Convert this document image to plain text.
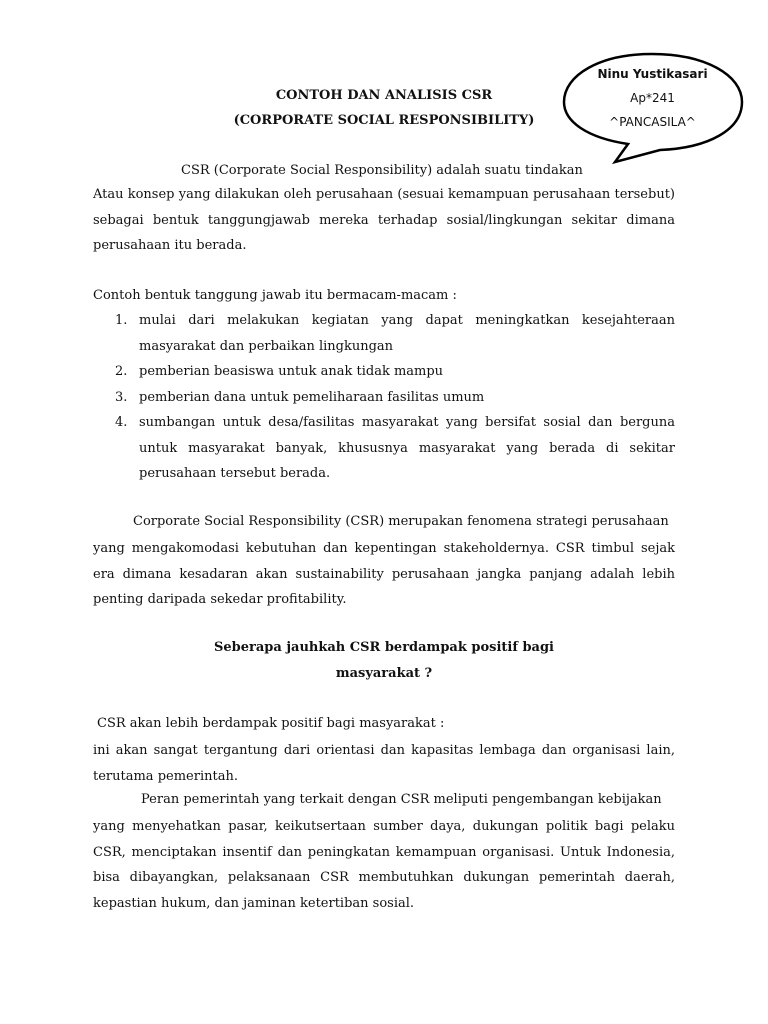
Ninu Yustikasari
Ap*241
^PANCASILA^
CONTOH DAN ANALISIS CSR
(CORPORATE SOCIAL RESPONSIBILITY)
CSR (Corporate Social Responsibility) adalah suatu tindakan
Atau konsep yang dilakukan oleh perusahaan (sesuai kemampuan perusahaan tersebut) sebagai bentuk tanggungjawab mereka terhadap sosial/lingkungan sekitar dimana perusahaan itu berada.
Contoh bentuk tanggung jawab itu bermacam-macam :
1. mulai dari melakukan kegiatan yang dapat meningkatkan kesejahteraan masyarakat dan perbaikan lingkungan
2. pemberian beasiswa untuk anak tidak mampu
3. pemberian dana untuk pemeliharaan fasilitas umum
4. sumbangan untuk desa/fasilitas masyarakat yang bersifat sosial dan berguna untuk masyarakat banyak, khususnya masyarakat yang berada di sekitar perusahaan tersebut berada.
Corporate Social Responsibility (CSR) merupakan fenomena strategi perusahaan
yang mengakomodasi kebutuhan dan kepentingan stakeholdernya. CSR timbul sejak era dimana kesadaran akan sustainability perusahaan jangka panjang adalah lebih penting daripada sekedar profitability.
Seberapa jauhkah CSR berdampak positif bagi
masyarakat ?
CSR akan lebih berdampak positif bagi masyarakat :
ini akan sangat tergantung dari orientasi dan kapasitas lembaga dan organisasi lain, terutama pemerintah.
Peran pemerintah yang terkait dengan CSR meliputi pengembangan kebijakan
yang menyehatkan pasar, keikutsertaan sumber daya, dukungan politik bagi pelaku CSR, menciptakan insentif dan peningkatan kemampuan organisasi. Untuk Indonesia, bisa dibayangkan, pelaksanaan CSR membutuhkan dukungan pemerintah daerah, kepastian hukum, dan jaminan ketertiban sosial.
